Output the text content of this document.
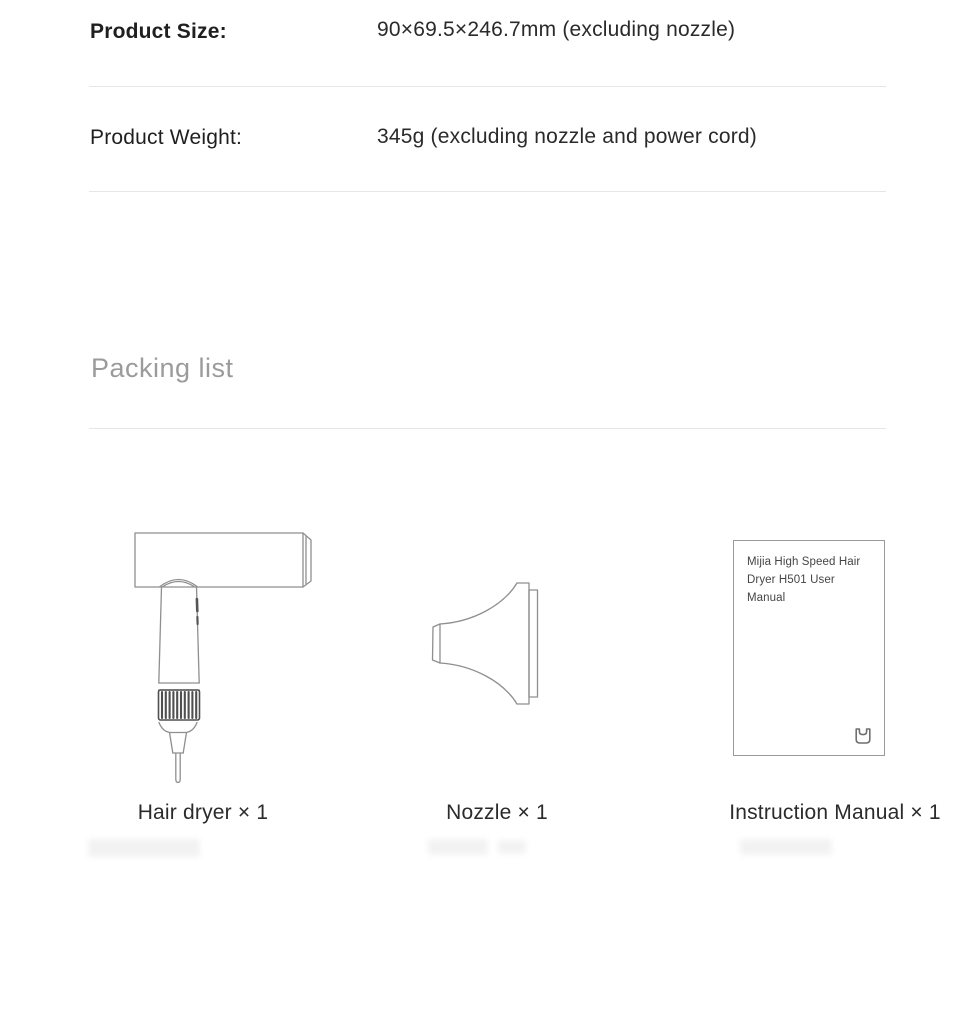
Product Size:	90×69.5×246.7mm (excluding nozzle)
Product Weight:	345g (excluding nozzle and power cord)
Packing list
Hair dryer × 1	Nozzle × 1
Mijia High Speed Hair
Dryer H501 User Manual
Instruction Manual × 1
